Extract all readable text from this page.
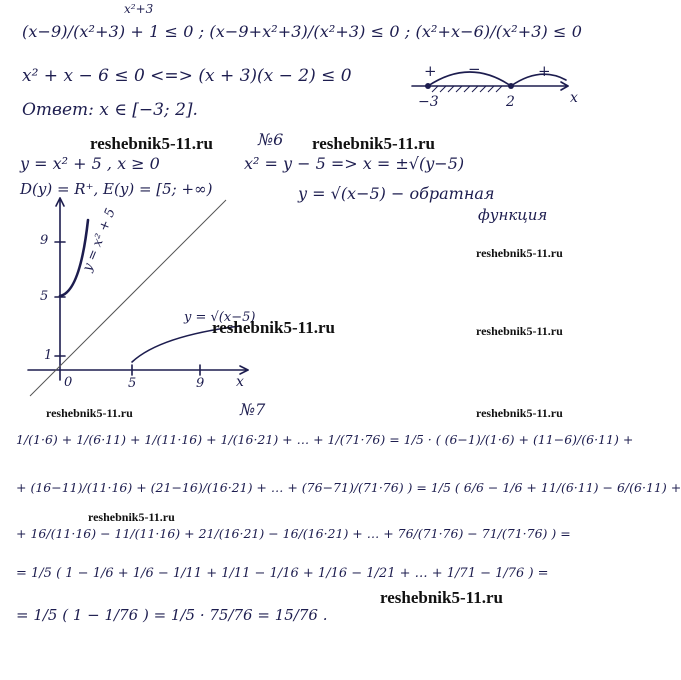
x²+3
(x−9)/(x²+3) + 1 ≤ 0 ; (x−9+x²+3)/(x²+3) ≤ 0 ; (x²+x−6)/(x²+3) ≤ 0
x² + x − 6 ≤ 0 <=> (x + 3)(x − 2) ≤ 0	+ −	+
−3	2	x
Ответ: x ∈ [−3; 2].
reshebnik5-11.ru	№6 reshebnik5-11.ru
y = x² + 5 , x ≥ 0
D(y) = R⁺, E(y) = [5; +∞)
x² = y − 5 => x = ±√(y−5)
y = √(x−5) − обратная
функция
reshebnik5-11.ru
9
5
1
0	5	9 x
y = x² + 5
y = √(x−5)
reshebnik5-11.ru	reshebnik5-11.ru
reshebnik5-11.ru	№7	reshebnik5-11.ru
1/(1·6) + 1/(6·11) + 1/(11·16) + 1/(16·21) + … + 1/(71·76) = 1/5 · ( (6−1)/(1·6) + (11−6)/(6·11) +
+ (16−11)/(11·16) + (21−16)/(16·21) + … + (76−71)/(71·76) ) = 1/5 ( 6/6 − 1/6 + 11/(6·11) − 6/(6·11) +
reshebnik5-11.ru
+ 16/(11·16) − 11/(11·16) + 21/(16·21) − 16/(16·21) + … + 76/(71·76) − 71/(71·76) ) =
= 1/5 ( 1 − 1/6 + 1/6 − 1/11 + 1/11 − 1/16 + 1/16 − 1/21 + … + 1/71 − 1/76 ) =
reshebnik5-11.ru
= 1/5 ( 1 − 1/76 ) = 1/5 · 75/76 = 15/76 .
